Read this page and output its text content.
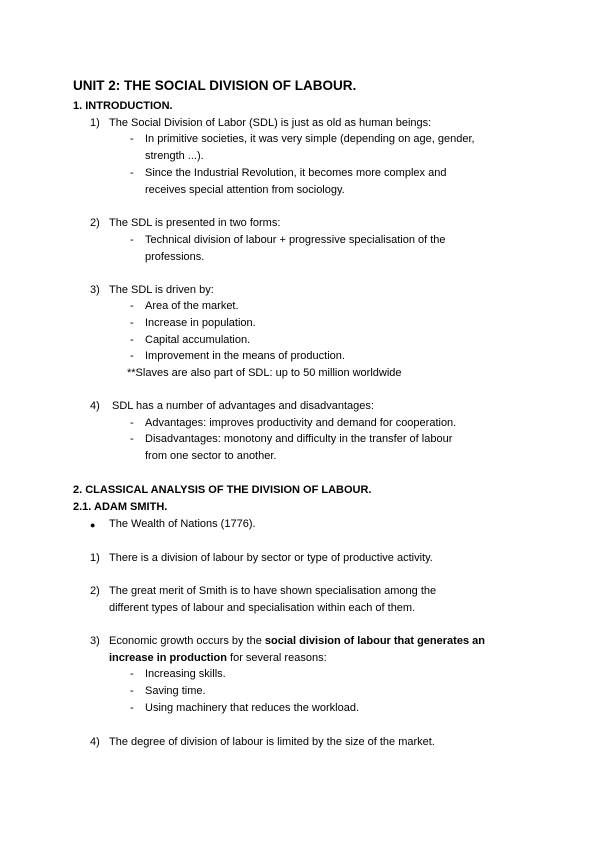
UNIT 2: THE SOCIAL DIVISION OF LABOUR.
1. INTRODUCTION.
1) The Social Division of Labor (SDL) is just as old as human beings:
- In primitive societies, it was very simple (depending on age, gender,
strength ...).
- Since the Industrial Revolution, it becomes more complex and
receives special attention from sociology.
2) The SDL is presented in two forms:
- Technical division of labour + progressive specialisation of the
professions.
3) The SDL is driven by:
- Area of the market.
- Increase in population.
- Capital accumulation.
- Improvement in the means of production.
**Slaves are also part of SDL: up to 50 million worldwide
4) SDL has a number of advantages and disadvantages:
- Advantages: improves productivity and demand for cooperation.
- Disadvantages: monotony and difficulty in the transfer of labour
from one sector to another.
2. CLASSICAL ANALYSIS OF THE DIVISION OF LABOUR.
2.1. ADAM SMITH.
● The Wealth of Nations (1776).
1) There is a division of labour by sector or type of productive activity.
2) The great merit of Smith is to have shown specialisation among the
different types of labour and specialisation within each of them.
3) Economic growth occurs by the social division of labour that generates an
increase in production for several reasons:
- Increasing skills.
- Saving time.
- Using machinery that reduces the workload.
4) The degree of division of labour is limited by the size of the market.
